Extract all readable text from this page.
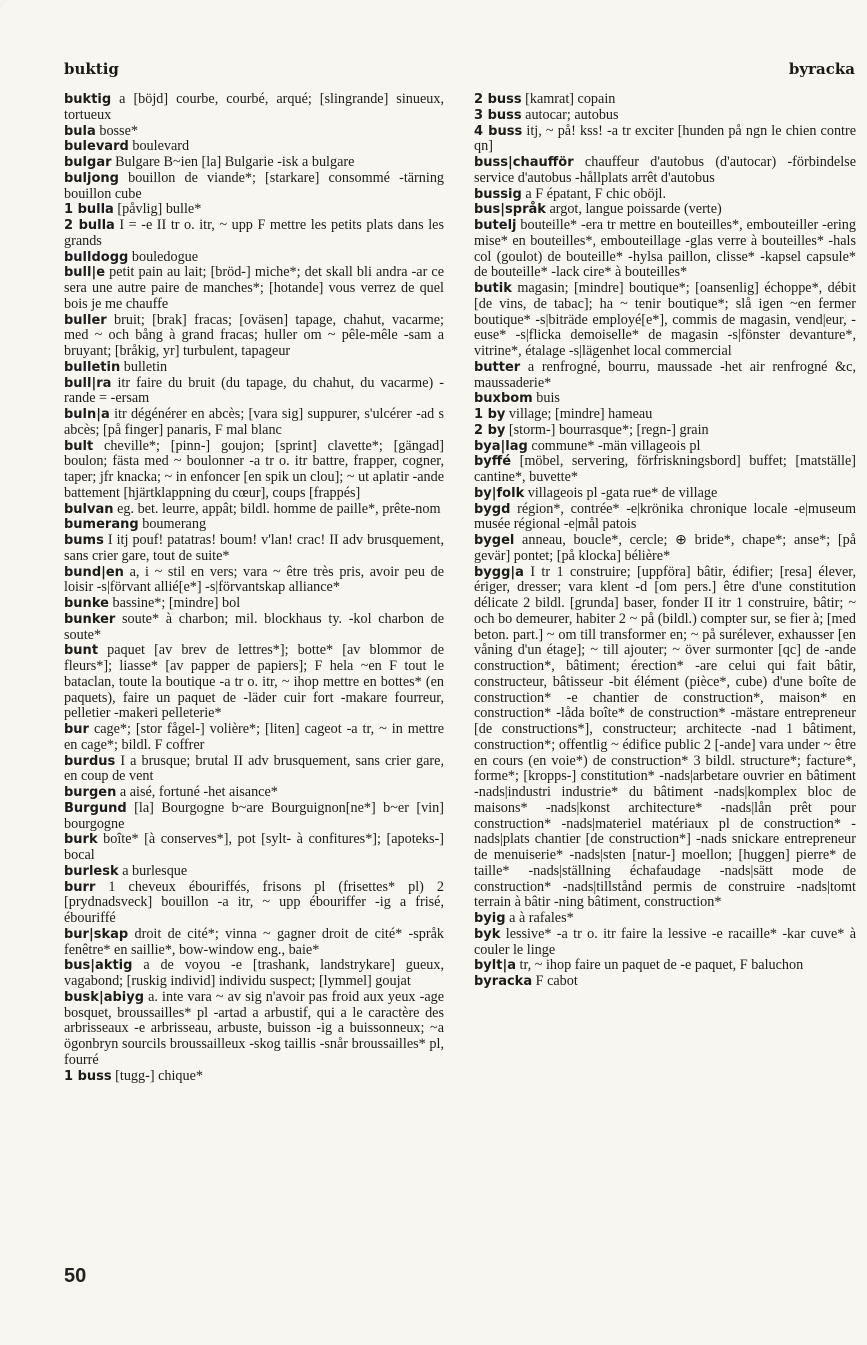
buktig	byracka

buktig a [böjd] courbe, courbé, arqué; [slingrande] sinueux, tortueux

bula bosse*

bulevard boulevard

bulgar Bulgare B~ien [la] Bulgarie -isk a bulgare

buljong bouillon de viande*; [starkare] consommé -tärning bouillon cube

1 bulla [påvlig] bulle*

2 bulla I = -e II tr o. itr, ~ upp F mettre les petits plats dans les grands

bulldogg bouledogue

bull|e petit pain au lait; [bröd-] miche*; det skall bli andra -ar ce sera une autre paire de manches*; [hotande] vous verrez de quel bois je me chauffe

buller bruit; [brak] fracas; [oväsen] tapage, chahut, vacarme; med ~ och bång à grand fracas; huller om ~ pêle-mêle -sam a bruyant; [bråkig, yr] turbulent, tapageur

bulletin bulletin

bull|ra itr faire du bruit (du tapage, du chahut, du vacarme) -rande = -ersam

buln|a itr dégénérer en abcès; [vara sig] suppurer, s'ulcérer -ad s abcès; [på finger] panaris, F mal blanc

bult cheville*; [pinn-] goujon; [sprint] clavette*; [gängad] boulon; fästa med ~ boulonner -a tr o. itr battre, frapper, cogner, taper; jfr knacka; ~ in enfoncer [en spik un clou]; ~ ut aplatir -ande battement [hjärtklappning du cœur], coups [frappés]

bulvan eg. bet. leurre, appât; bildl. homme de paille*, prête-nom

bumerang boumerang

bums I itj pouf! patatras! boum! v'lan! crac! II adv brusquement, sans crier gare, tout de suite*

bund|en a, i ~ stil en vers; vara ~ être très pris, avoir peu de loisir -s|förvant allié[e*] -s|förvantskap alliance*

bunke bassine*; [mindre] bol

bunker soute* à charbon; mil. blockhaus ty. -kol charbon de soute*

bunt paquet [av brev de lettres*]; botte* [av blommor de fleurs*]; liasse* [av papper de papiers]; F hela ~en F tout le bataclan, toute la boutique -a tr o. itr, ~ ihop mettre en bottes* (en paquets), faire un paquet de -läder cuir fort -makare fourreur, pelletier -makeri pelleterie*

bur cage*; [stor fågel-] volière*; [liten] cageot -a tr, ~ in mettre en cage*; bildl. F coffrer

burdus I a brusque; brutal II adv brusquement, sans crier gare, en coup de vent

burgen a aisé, fortuné -het aisance*

Burgund [la] Bourgogne b~are Bourguignon[ne*] b~er [vin] bourgogne

burk boîte* [à conserves*], pot [sylt- à confitures*]; [apoteks-] bocal

burlesk a burlesque

burr 1 cheveux ébouriffés, frisons pl (frisettes* pl) 2 [prydnadsveck] bouillon -a itr, ~ upp ébouriffer -ig a frisé, ébouriffé

bur|skap droit de cité*; vinna ~ gagner droit de cité* -språk fenêtre* en saillie*, bow-window eng., baie*

bus|aktig a de voyou -e [trashank, landstrykare] gueux, vagabond; [ruskig individ] individu suspect; [lymmel] goujat

busk|abiyg a. inte vara ~ av sig n'avoir pas froid aux yeux -age bosquet, broussailles* pl -artad a arbustif, qui a le caractère des arbrisseaux -e arbrisseau, arbuste, buisson -ig a buissonneux; ~a ögonbryn sourcils broussailleux -skog taillis -snår broussailles* pl, fourré

1 buss [tugg-] chique*

2 buss [kamrat] copain

3 buss autocar; autobus

4 buss itj, ~ på! kss! -a tr exciter [hunden på ngn le chien contre qn]

buss|chaufför chauffeur d'autobus (d'autocar) -förbindelse service d'autobus -hållplats arrêt d'autobus

bussig a F épatant, F chic oböjl.

bus|språk argot, langue poissarde (verte)

butelj bouteille* -era tr mettre en bouteilles*, embouteiller -ering mise* en bouteilles*, embouteillage -glas verre à bouteilles* -hals col (goulot) de bouteille* -hylsa paillon, clisse* -kapsel capsule* de bouteille* -lack cire* à bouteilles*

butik magasin; [mindre] boutique*; [oansenlig] échoppe*, débit [de vins, de tabac]; ha ~ tenir boutique*; slå igen ~en fermer boutique* -s|biträde employé[e*], commis de magasin, vend|eur, -euse* -s|flicka demoiselle* de magasin -s|fönster devanture*, vitrine*, étalage -s|lägenhet local commercial

butter a renfrogné, bourru, maussade -het air renfrogné &c, maussaderie*

buxbom buis

1 by village; [mindre] hameau

2 by [storm-] bourrasque*; [regn-] grain

bya|lag commune* -män villageois pl

byffé [möbel, servering, förfriskningsbord] buffet; [matställe] cantine*, buvette*

by|folk villageois pl -gata rue* de village

bygd région*, contrée* -e|krönika chronique locale -e|museum musée régional -e|mål patois

bygel anneau, boucle*, cercle; ⊕ bride*, chape*; anse*; [på gevär] pontet; [på klocka] bélière*

bygg|a I tr 1 construire; [uppföra] bâtir, édifier; [resa] élever, ériger, dresser; vara klent -d [om pers.] être d'une constitution délicate 2 bildl. [grunda] baser, fonder II itr 1 construire, bâtir; ~ och bo demeurer, habiter 2 ~ på (bildl.) compter sur, se fier à; [med beton. part.] ~ om till transformer en; ~ på surélever, exhausser [en våning d'un étage]; ~ till ajouter; ~ över surmonter [qc] de -ande construction*, bâtiment; érection* -are celui qui fait bâtir, constructeur, bâtisseur -bit élément (pièce*, cube) d'une boîte de construction* -e chantier de construction*, maison* en construction* -låda boîte* de construction* -mästare entrepreneur [de constructions*], constructeur; architecte -nad 1 bâtiment, construction*; offentlig ~ édifice public 2 [-ande] vara under ~ être en cours (en voie*) de construction* 3 bildl. structure*; facture*, forme*; [kropps-] constitution* -nads|arbetare ouvrier en bâtiment -nads|industri industrie* du bâtiment -nads|komplex bloc de maisons* -nads|konst architecture* -nads|lån prêt pour construction* -nads|materiel matériaux pl de construction* -nads|plats chantier [de construction*] -nads snickare entrepreneur de menuiserie* -nads|sten [natur-] moellon; [huggen] pierre* de taille* -nads|ställning échafaudage -nads|sätt mode de construction* -nads|tillstånd permis de construire -nads|tomt terrain à bâtir -ning bâtiment, construction*

byig a à rafales*

byk lessive* -a tr o. itr faire la lessive -e racaille* -kar cuve* à couler le linge

bylt|a tr, ~ ihop faire un paquet de -e paquet, F baluchon

byracka F cabot

50
